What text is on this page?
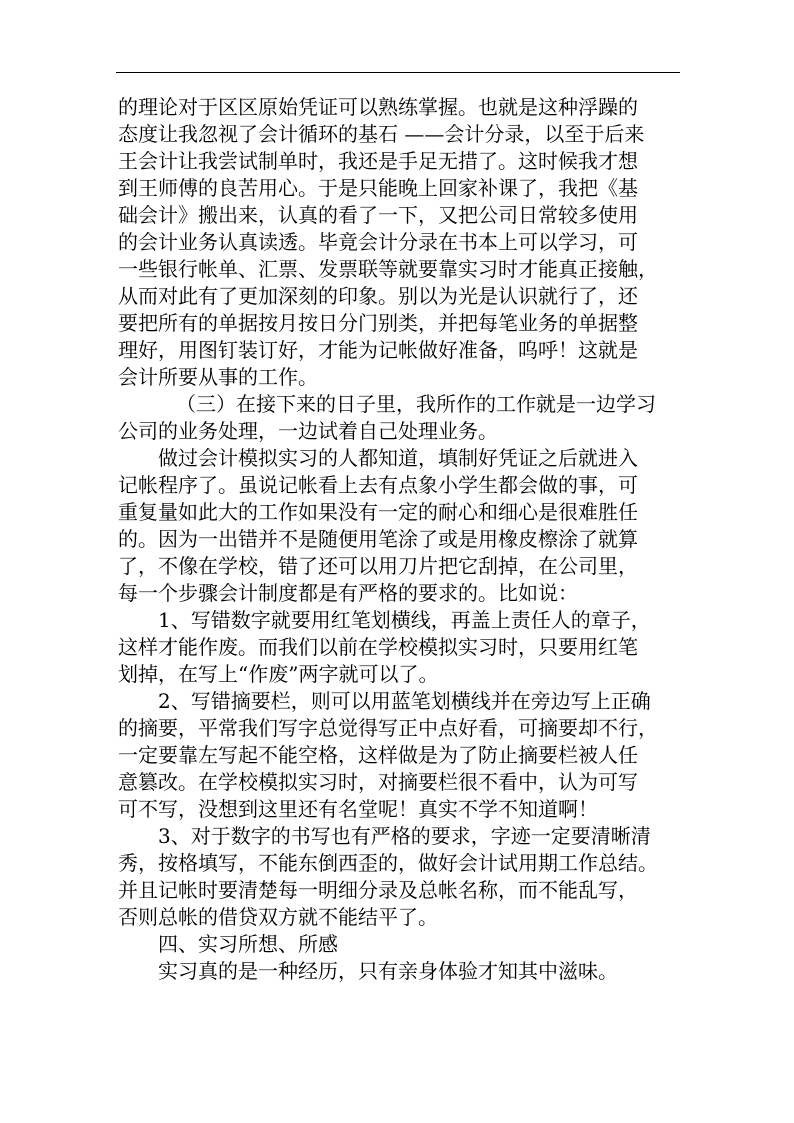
的理论对于区区原始凭证可以熟练掌握。也就是这种浮躁的
态度让我忽视了会计循环的基石 ——会计分录，以至于后来
王会计让我尝试制单时，我还是手足无措了。这时候我才想
到王师傅的良苦用心。于是只能晚上回家补课了，我把《基
础会计》搬出来，认真的看了一下，又把公司日常较多使用
的会计业务认真读透。毕竟会计分录在书本上可以学习，可
一些银行帐单、汇票、发票联等就要靠实习时才能真正接触，
从而对此有了更加深刻的印象。别以为光是认识就行了，还
要把所有的单据按月按日分门别类，并把每笔业务的单据整
理好，用图钉装订好，才能为记帐做好准备，呜呼！这就是
会计所要从事的工作。
（三）在接下来的日子里，我所作的工作就是一边学习
公司的业务处理，一边试着自己处理业务。
做过会计模拟实习的人都知道，填制好凭证之后就进入
记帐程序了。虽说记帐看上去有点象小学生都会做的事，可
重复量如此大的工作如果没有一定的耐心和细心是很难胜任
的。因为一出错并不是随便用笔涂了或是用橡皮檫涂了就算
了，不像在学校，错了还可以用刀片把它刮掉，在公司里，
每一个步骤会计制度都是有严格的要求的。比如说：
1、写错数字就要用红笔划横线，再盖上责任人的章子，
这样才能作废。而我们以前在学校模拟实习时，只要用红笔
划掉，在写上“作废”两字就可以了。
2、写错摘要栏，则可以用蓝笔划横线并在旁边写上正确
的摘要，平常我们写字总觉得写正中点好看，可摘要却不行，
一定要靠左写起不能空格，这样做是为了防止摘要栏被人任
意篡改。在学校模拟实习时，对摘要栏很不看中，认为可写
可不写，没想到这里还有名堂呢！真实不学不知道啊！
3、对于数字的书写也有严格的要求，字迹一定要清晰清
秀，按格填写，不能东倒西歪的，做好会计试用期工作总结。
并且记帐时要清楚每一明细分录及总帐名称，而不能乱写，
否则总帐的借贷双方就不能结平了。
四、实习所想、所感
实习真的是一种经历，只有亲身体验才知其中滋味。
